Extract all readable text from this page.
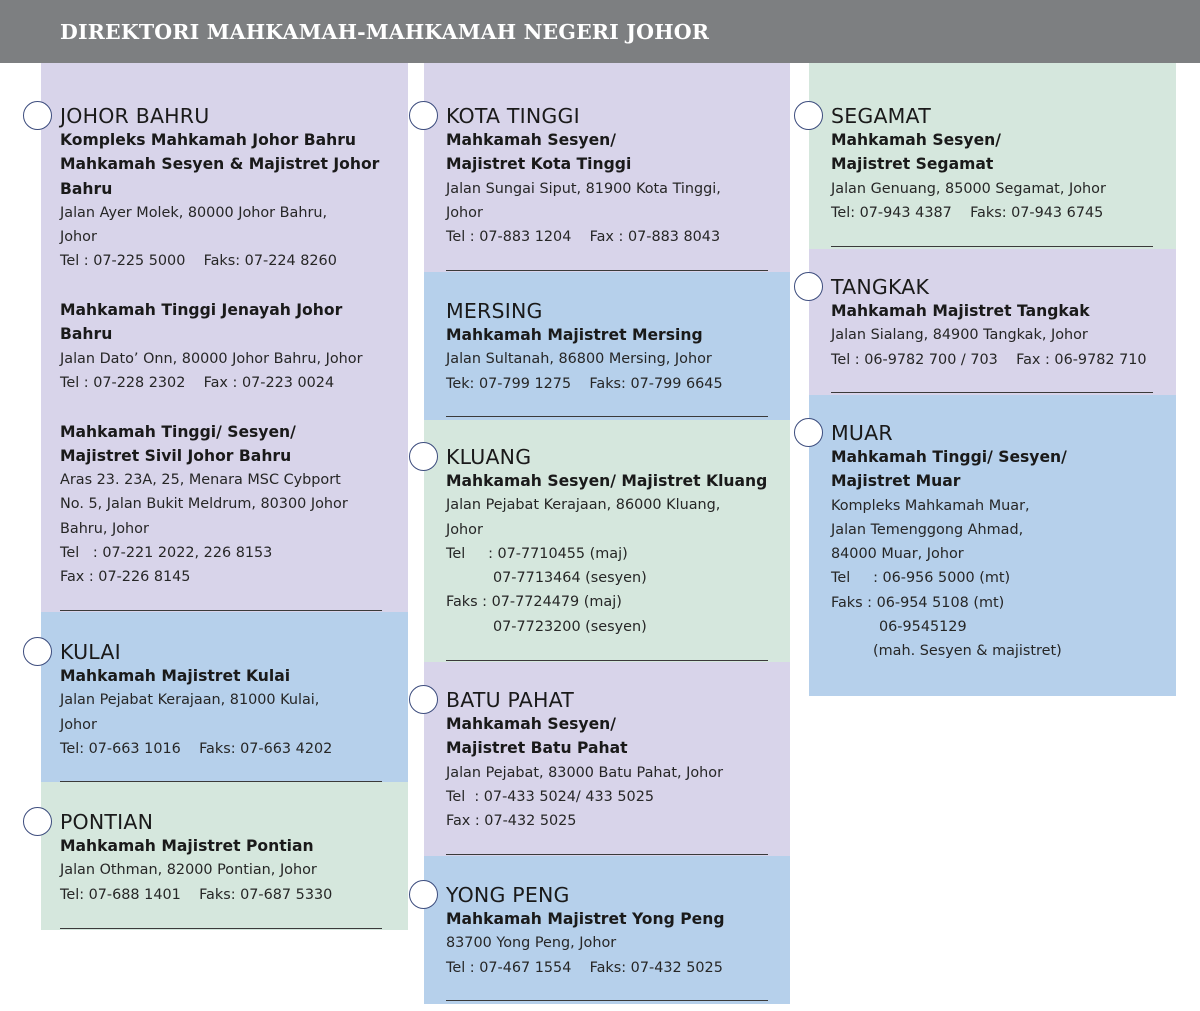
DIREKTORI MAHKAMAH-MAHKAMAH NEGERI JOHOR
JOHOR BAHRU
Kompleks Mahkamah Johor Bahru
Mahkamah Sesyen & Majistret Johor
Bahru
Jalan Ayer Molek, 80000 Johor Bahru,
Johor
Tel : 07-225 5000    Faks: 07-224 8260
Mahkamah Tinggi Jenayah Johor
Bahru
Jalan Dato’ Onn, 80000 Johor Bahru, Johor
Tel : 07-228 2302    Fax : 07-223 0024
Mahkamah Tinggi/ Sesyen/
Majistret Sivil Johor Bahru
Aras 23. 23A, 25, Menara MSC Cybport
No. 5, Jalan Bukit Meldrum, 80300 Johor
Bahru, Johor
Tel   : 07-221 2022, 226 8153
Fax : 07-226 8145
KULAI
Mahkamah Majistret Kulai
Jalan Pejabat Kerajaan, 81000 Kulai,
Johor
Tel: 07-663 1016    Faks: 07-663 4202
PONTIAN
Mahkamah Majistret Pontian
Jalan Othman, 82000 Pontian, Johor
Tel: 07-688 1401    Faks: 07-687 5330
KOTA TINGGI
Mahkamah Sesyen/
Majistret Kota Tinggi
Jalan Sungai Siput, 81900 Kota Tinggi,
Johor
Tel : 07-883 1204    Fax : 07-883 8043
MERSING
Mahkamah Majistret Mersing
Jalan Sultanah, 86800 Mersing, Johor
Tek: 07-799 1275    Faks: 07-799 6645
KLUANG
Mahkamah Sesyen/ Majistret Kluang
Jalan Pejabat Kerajaan, 86000 Kluang,
Johor
Tel     : 07-7710455 (maj)
07-7713464 (sesyen)
Faks : 07-7724479 (maj)
07-7723200 (sesyen)
BATU PAHAT
Mahkamah Sesyen/
Majistret Batu Pahat
Jalan Pejabat, 83000 Batu Pahat, Johor
Tel  : 07-433 5024/ 433 5025
Fax : 07-432 5025
YONG PENG
Mahkamah Majistret Yong Peng
83700 Yong Peng, Johor
Tel : 07-467 1554    Faks: 07-432 5025
SEGAMAT
Mahkamah Sesyen/
Majistret Segamat
Jalan Genuang, 85000 Segamat, Johor
Tel: 07-943 4387    Faks: 07-943 6745
TANGKAK
Mahkamah Majistret Tangkak
Jalan Sialang, 84900 Tangkak, Johor
Tel : 06-9782 700 / 703    Fax : 06-9782 710
MUAR
Mahkamah Tinggi/ Sesyen/
Majistret Muar
Kompleks Mahkamah Muar,
Jalan Temenggong Ahmad,
84000 Muar, Johor
Tel     : 06-956 5000 (mt)
Faks : 06-954 5108 (mt)
06-9545129
(mah. Sesyen & majistret)
